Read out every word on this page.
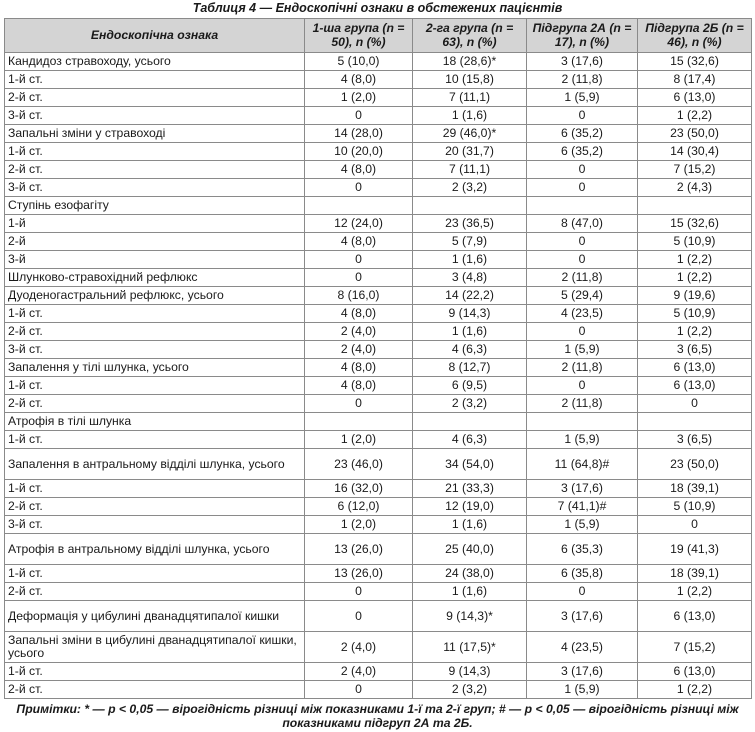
Таблиця 4 — Ендоскопічні ознаки в обстежених пацієнтів
Ендоскопічна ознака	1-ша група (n = 50), n (%)	2-га група (n = 63), n (%)	Підгрупа 2А (n = 17), n (%)	Підгрупа 2Б (n = 46), n (%)
Кандидоз стравоходу, усього	5 (10,0)	18 (28,6)*	3 (17,6)	15 (32,6)
1-й ст.	4 (8,0)	10 (15,8)	2 (11,8)	8 (17,4)
2-й ст.	1 (2,0)	7 (11,1)	1 (5,9)	6 (13,0)
3-й ст.	0	1 (1,6)	0	1 (2,2)
Запальні зміни у стравоході	14 (28,0)	29 (46,0)*	6 (35,2)	23 (50,0)
1-й ст.	10 (20,0)	20 (31,7)	6 (35,2)	14 (30,4)
2-й ст.	4 (8,0)	7 (11,1)	0	7 (15,2)
3-й ст.	0	2 (3,2)	0	2 (4,3)
Ступінь езофагіту				
1-й	12 (24,0)	23 (36,5)	8 (47,0)	15 (32,6)
2-й	4 (8,0)	5 (7,9)	0	5 (10,9)
3-й	0	1 (1,6)	0	1 (2,2)
Шлунково-стравохідний рефлюкс	0	3 (4,8)	2 (11,8)	1 (2,2)
Дуоденогастральний рефлюкс, усього	8 (16,0)	14 (22,2)	5 (29,4)	9 (19,6)
1-й ст.	4 (8,0)	9 (14,3)	4 (23,5)	5 (10,9)
2-й ст.	2 (4,0)	1 (1,6)	0	1 (2,2)
3-й ст.	2 (4,0)	4 (6,3)	1 (5,9)	3 (6,5)
Запалення у тілі шлунка, усього	4 (8,0)	8 (12,7)	2 (11,8)	6 (13,0)
1-й ст.	4 (8,0)	6 (9,5)	0	6 (13,0)
2-й ст.	0	2 (3,2)	2 (11,8)	0
Атрофія в тілі шлунка				
1-й ст.	1 (2,0)	4 (6,3)	1 (5,9)	3 (6,5)
Запалення в антральному відділі шлунка, усього	23 (46,0)	34 (54,0)	11 (64,8)#	23 (50,0)
1-й ст.	16 (32,0)	21 (33,3)	3 (17,6)	18 (39,1)
2-й ст.	6 (12,0)	12 (19,0)	7 (41,1)#	5 (10,9)
3-й ст.	1 (2,0)	1 (1,6)	1 (5,9)	0
Атрофія в антральному відділі шлунка, усього	13 (26,0)	25 (40,0)	6 (35,3)	19 (41,3)
1-й ст.	13 (26,0)	24 (38,0)	6 (35,8)	18 (39,1)
2-й ст.	0	1 (1,6)	0	1 (2,2)
Деформація у цибулині дванадцятипалої кишки	0	9 (14,3)*	3 (17,6)	6 (13,0)
Запальні зміни в цибулині дванадцятипалої кишки, усього	2 (4,0)	11 (17,5)*	4 (23,5)	7 (15,2)
1-й ст.	2 (4,0)	9 (14,3)	3 (17,6)	6 (13,0)
2-й ст.	0	2 (3,2)	1 (5,9)	1 (2,2)
Примітки: * — p < 0,05 — вірогідність різниці між показниками 1-ї та 2-ї груп; # — p < 0,05 — вірогідність різниці між показниками підгруп 2А та 2Б.
